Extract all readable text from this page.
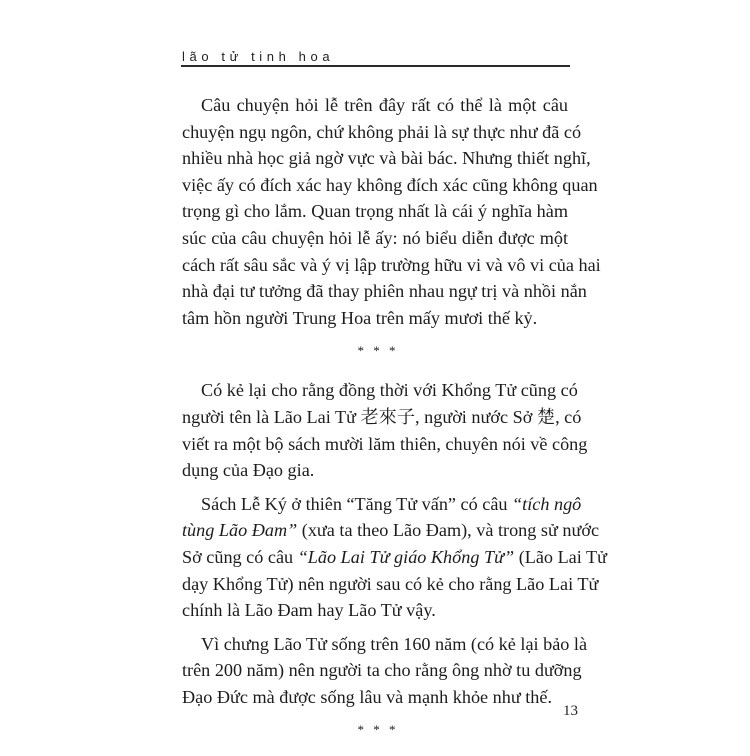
lão tử tinh hoa
Câu chuyện hỏi lễ trên đây rất có thể là một câu
chuyện ngụ ngôn, chứ không phải là sự thực như đã có
nhiều nhà học giả ngờ vực và bài bác. Nhưng thiết nghĩ,
việc ấy có đích xác hay không đích xác cũng không quan
trọng gì cho lắm. Quan trọng nhất là cái ý nghĩa hàm
súc của câu chuyện hỏi lễ ấy: nó biểu diễn được một
cách rất sâu sắc và ý vị lập trường hữu vi và vô vi của hai
nhà đại tư tưởng đã thay phiên nhau ngự trị và nhồi nắn
tâm hồn người Trung Hoa trên mấy mươi thế kỷ.
* * *
Có kẻ lại cho rằng đồng thời với Khổng Tử cũng có
người tên là Lão Lai Tử 老來子, người nước Sở 楚, có
viết ra một bộ sách mười lăm thiên, chuyên nói về công
dụng của Đạo gia.
Sách Lễ Ký ở thiên “Tăng Tử vấn” có câu “tích ngô
tùng Lão Đam” (xưa ta theo Lão Đam), và trong sử nước
Sở cũng có câu “Lão Lai Tử giáo Khổng Tử” (Lão Lai Tử
dạy Khổng Tử) nên người sau có kẻ cho rằng Lão Lai Tử
chính là Lão Đam hay Lão Tử vậy.
Vì chưng Lão Tử sống trên 160 năm (có kẻ lại bảo là
trên 200 năm) nên người ta cho rằng ông nhờ tu dưỡng
Đạo Đức mà được sống lâu và mạnh khỏe như thế.
* * *
13
